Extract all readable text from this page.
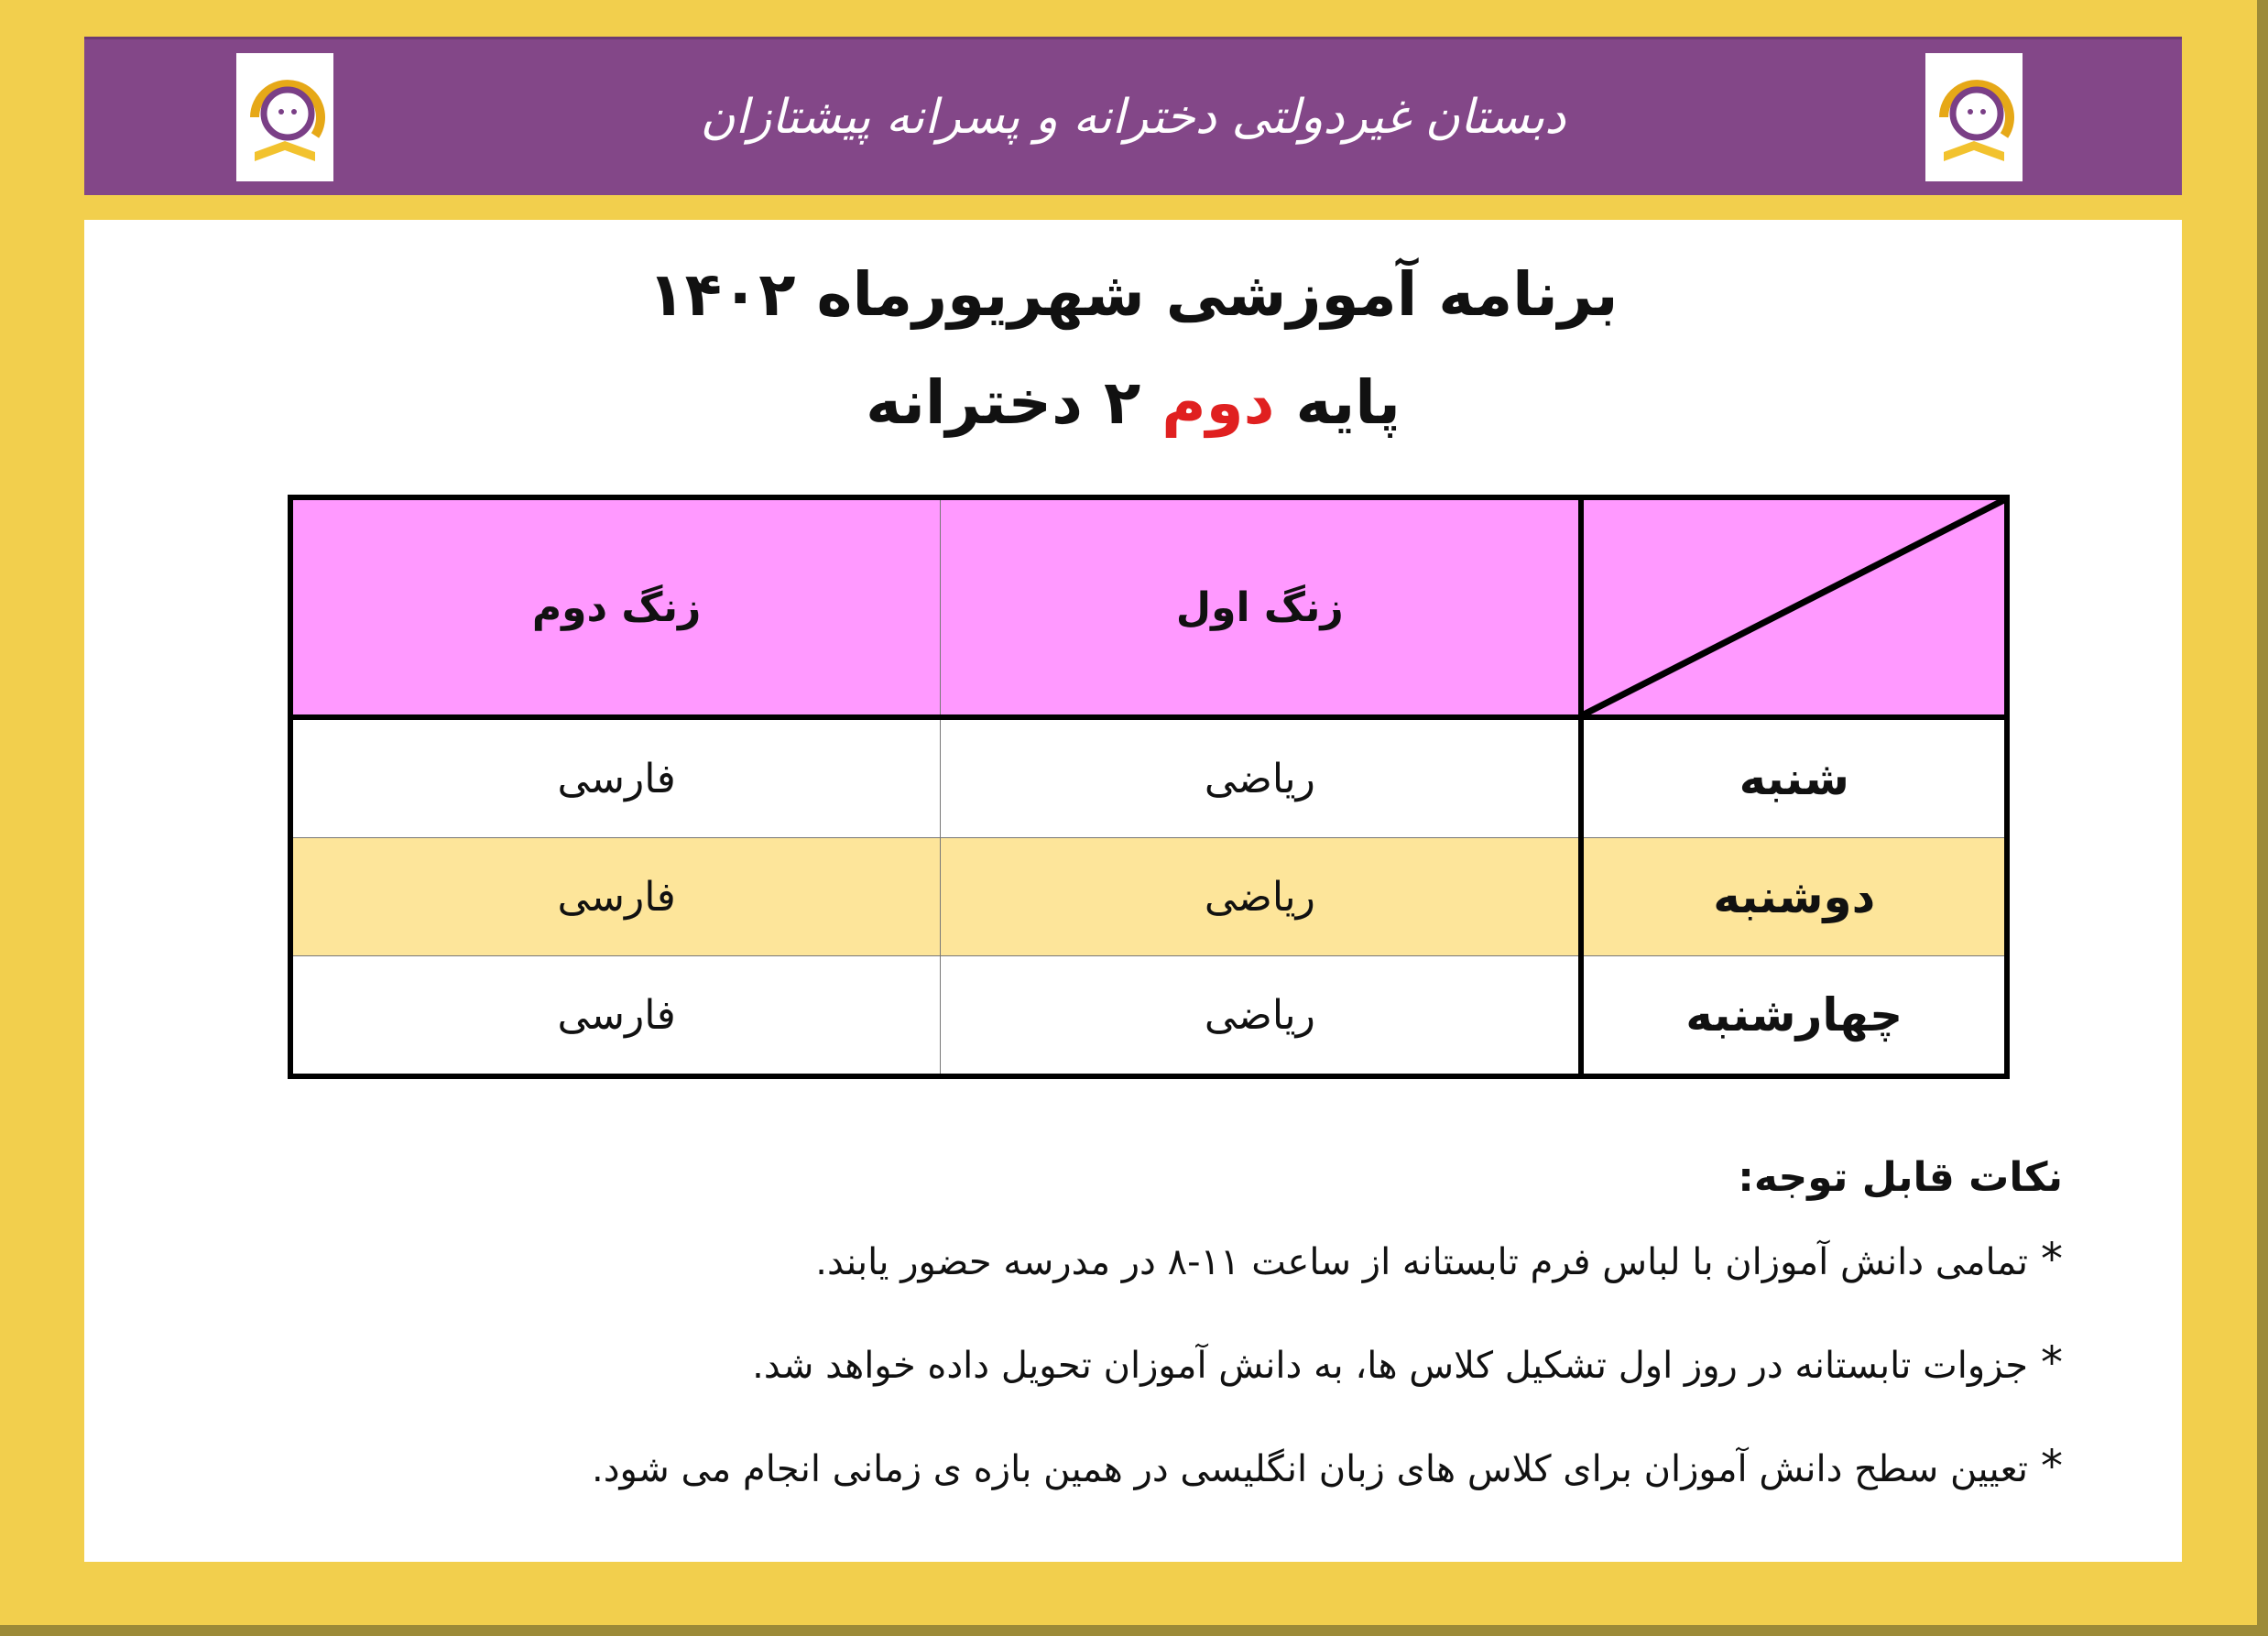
دبستان غیردولتی دخترانه و پسرانه پیشتازان
برنامه آموزشی شهریورماه ۱۴۰۲
پایه دوم ۲ دخترانه
	زنگ اول	زنگ دوم
شنبه	ریاضی	فارسی
دوشنبه	ریاضی	فارسی
چهارشنبه	ریاضی	فارسی
نکات قابل توجه:
*تمامی دانش آموزان با لباس فرم تابستانه از ساعت ۱۱-۸ در مدرسه حضور یابند.
*جزوات تابستانه در روز اول تشکیل کلاس ها، به دانش آموزان تحویل داده خواهد شد.
*تعیین سطح دانش آموزان برای کلاس های زبان انگلیسی در همین بازه ی زمانی انجام می شود.
